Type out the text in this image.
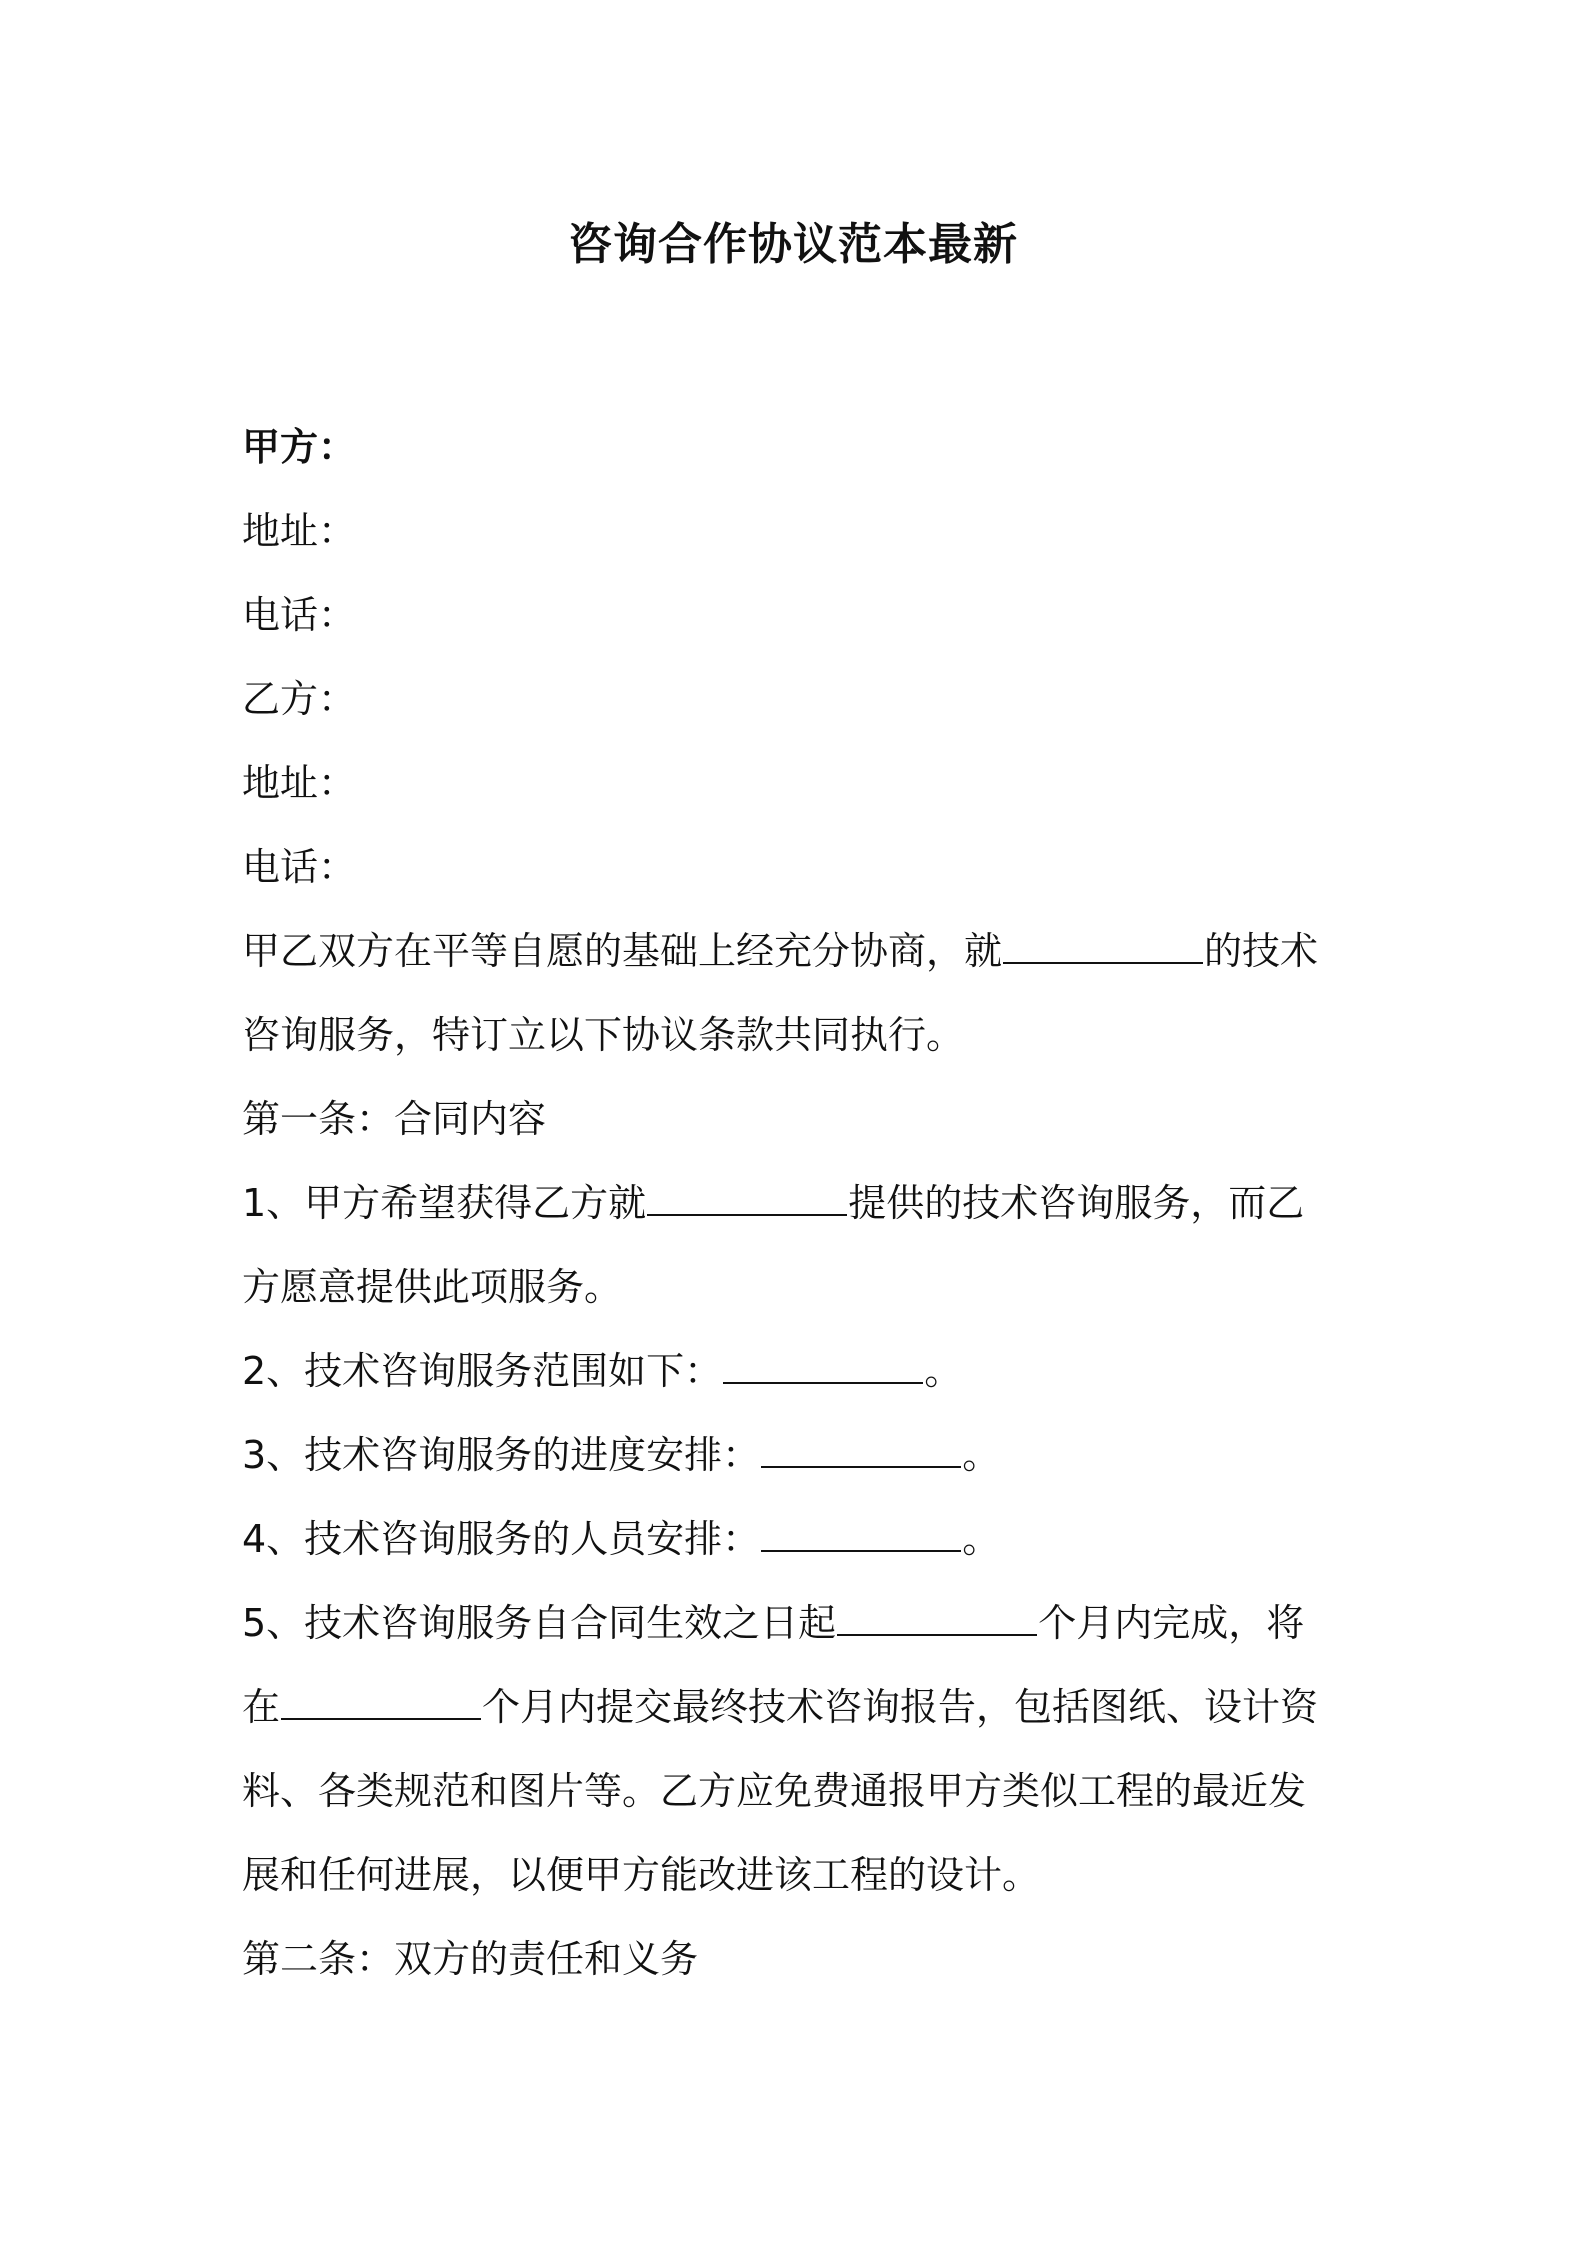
咨询合作协议范本最新
甲方：
地址：
电话：
乙方：
地址：
电话：
甲乙双方在平等自愿的基础上经充分协商，就	的技术
咨询服务，特订立以下协议条款共同执行。
第一条：合同内容
1、甲方希望获得乙方就	提供的技术咨询服务，而乙
方愿意提供此项服务。
2、技术咨询服务范围如下：	。
3、技术咨询服务的进度安排：	。
4、技术咨询服务的人员安排：	。
5、技术咨询服务自合同生效之日起	个月内完成，将
在	个月内提交最终技术咨询报告，包括图纸、设计资
料、各类规范和图片等。乙方应免费通报甲方类似工程的最近发
展和任何进展，以便甲方能改进该工程的设计。
第二条：双方的责任和义务
